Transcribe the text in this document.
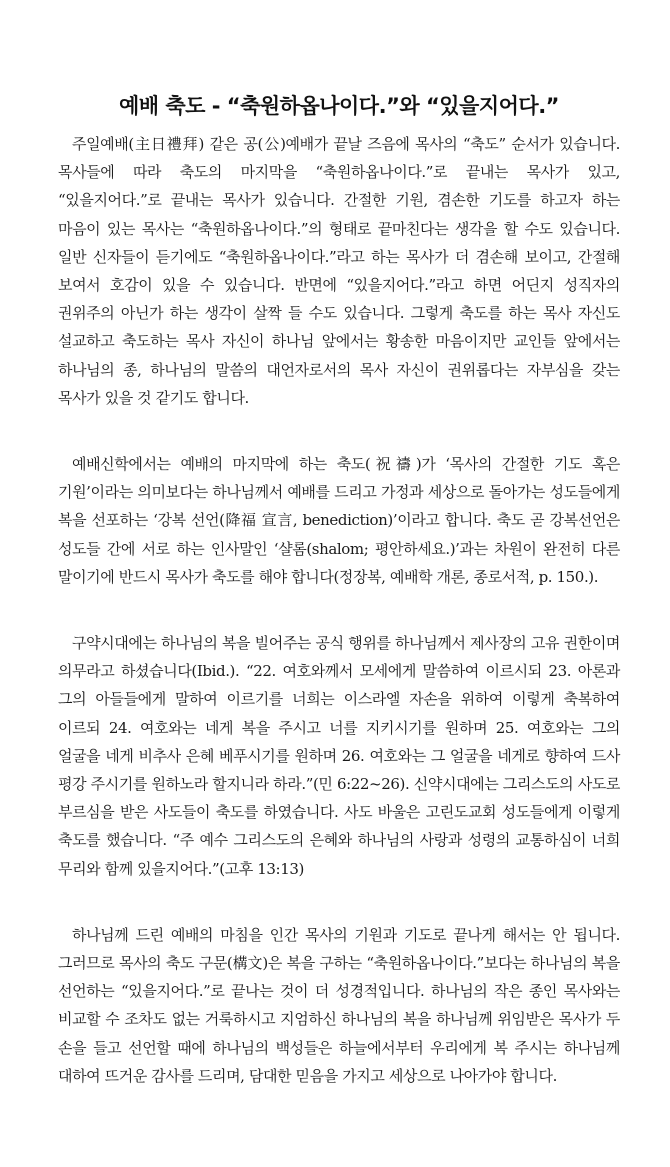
예배 축도 - “축원하옵나이다.”와 “있을지어다.”

주일예배(主日禮拜) 같은 공(公)예배가 끝날 즈음에 목사의 “축도” 순서가 있습니다. 목사들에 따라 축도의 마지막을 “축원하옵나이다.”로 끝내는 목사가 있고, “있을지어다.”로 끝내는 목사가 있습니다. 간절한 기원, 겸손한 기도를 하고자 하는 마음이 있는 목사는 “축원하옵나이다.”의 형태로 끝마친다는 생각을 할 수도 있습니다. 일반 신자들이 듣기에도 “축원하옵나이다.”라고 하는 목사가 더 겸손해 보이고, 간절해 보여서 호감이 있을 수 있습니다. 반면에 “있을지어다.”라고 하면 어딘지 성직자의 권위주의 아닌가 하는 생각이 살짝 들 수도 있습니다. 그렇게 축도를 하는 목사 자신도 설교하고 축도하는 목사 자신이 하나님 앞에서는 황송한 마음이지만 교인들 앞에서는 하나님의 종, 하나님의 말씀의 대언자로서의 목사 자신이 권위롭다는 자부심을 갖는 목사가 있을 것 같기도 합니다.

예배신학에서는 예배의 마지막에 하는 축도(祝禱)가 ‘목사의 간절한 기도 혹은 기원’이라는 의미보다는 하나님께서 예배를 드리고 가정과 세상으로 돌아가는 성도들에게 복을 선포하는 ‘강복 선언(降福 宣言, benediction)’이라고 합니다. 축도 곧 강복선언은 성도들 간에 서로 하는 인사말인 ‘샬롬(shalom; 평안하세요.)’과는 차원이 완전히 다른 말이기에 반드시 목사가 축도를 해야 합니다(정장복, 예배학 개론, 종로서적, p. 150.).

구약시대에는 하나님의 복을 빌어주는 공식 행위를 하나님께서 제사장의 고유 권한이며 의무라고 하셨습니다(Ibid.). “22. 여호와께서 모세에게 말씀하여 이르시되 23. 아론과 그의 아들들에게 말하여 이르기를 너희는 이스라엘 자손을 위하여 이렇게 축복하여 이르되 24. 여호와는 네게 복을 주시고 너를 지키시기를 원하며 25. 여호와는 그의 얼굴을 네게 비추사 은혜 베푸시기를 원하며 26. 여호와는 그 얼굴을 네게로 향하여 드사 평강 주시기를 원하노라 할지니라 하라.”(민 6:22~26). 신약시대에는 그리스도의 사도로 부르심을 받은 사도들이 축도를 하였습니다. 사도 바울은 고린도교회 성도들에게 이렇게 축도를 했습니다. “주 예수 그리스도의 은혜와 하나님의 사랑과 성령의 교통하심이 너희 무리와 함께 있을지어다.”(고후 13:13)

하나님께 드린 예배의 마침을 인간 목사의 기원과 기도로 끝나게 해서는 안 됩니다. 그러므로 목사의 축도 구문(構文)은 복을 구하는 “축원하옵나이다.”보다는 하나님의 복을 선언하는 “있을지어다.”로 끝나는 것이 더 성경적입니다. 하나님의 작은 종인 목사와는 비교할 수 조차도 없는 거룩하시고 지엄하신 하나님의 복을 하나님께 위임받은 목사가 두 손을 들고 선언할 때에 하나님의 백성들은 하늘에서부터 우리에게 복 주시는 하나님께 대하여 뜨거운 감사를 드리며, 담대한 믿음을 가지고 세상으로 나아가야 합니다.
